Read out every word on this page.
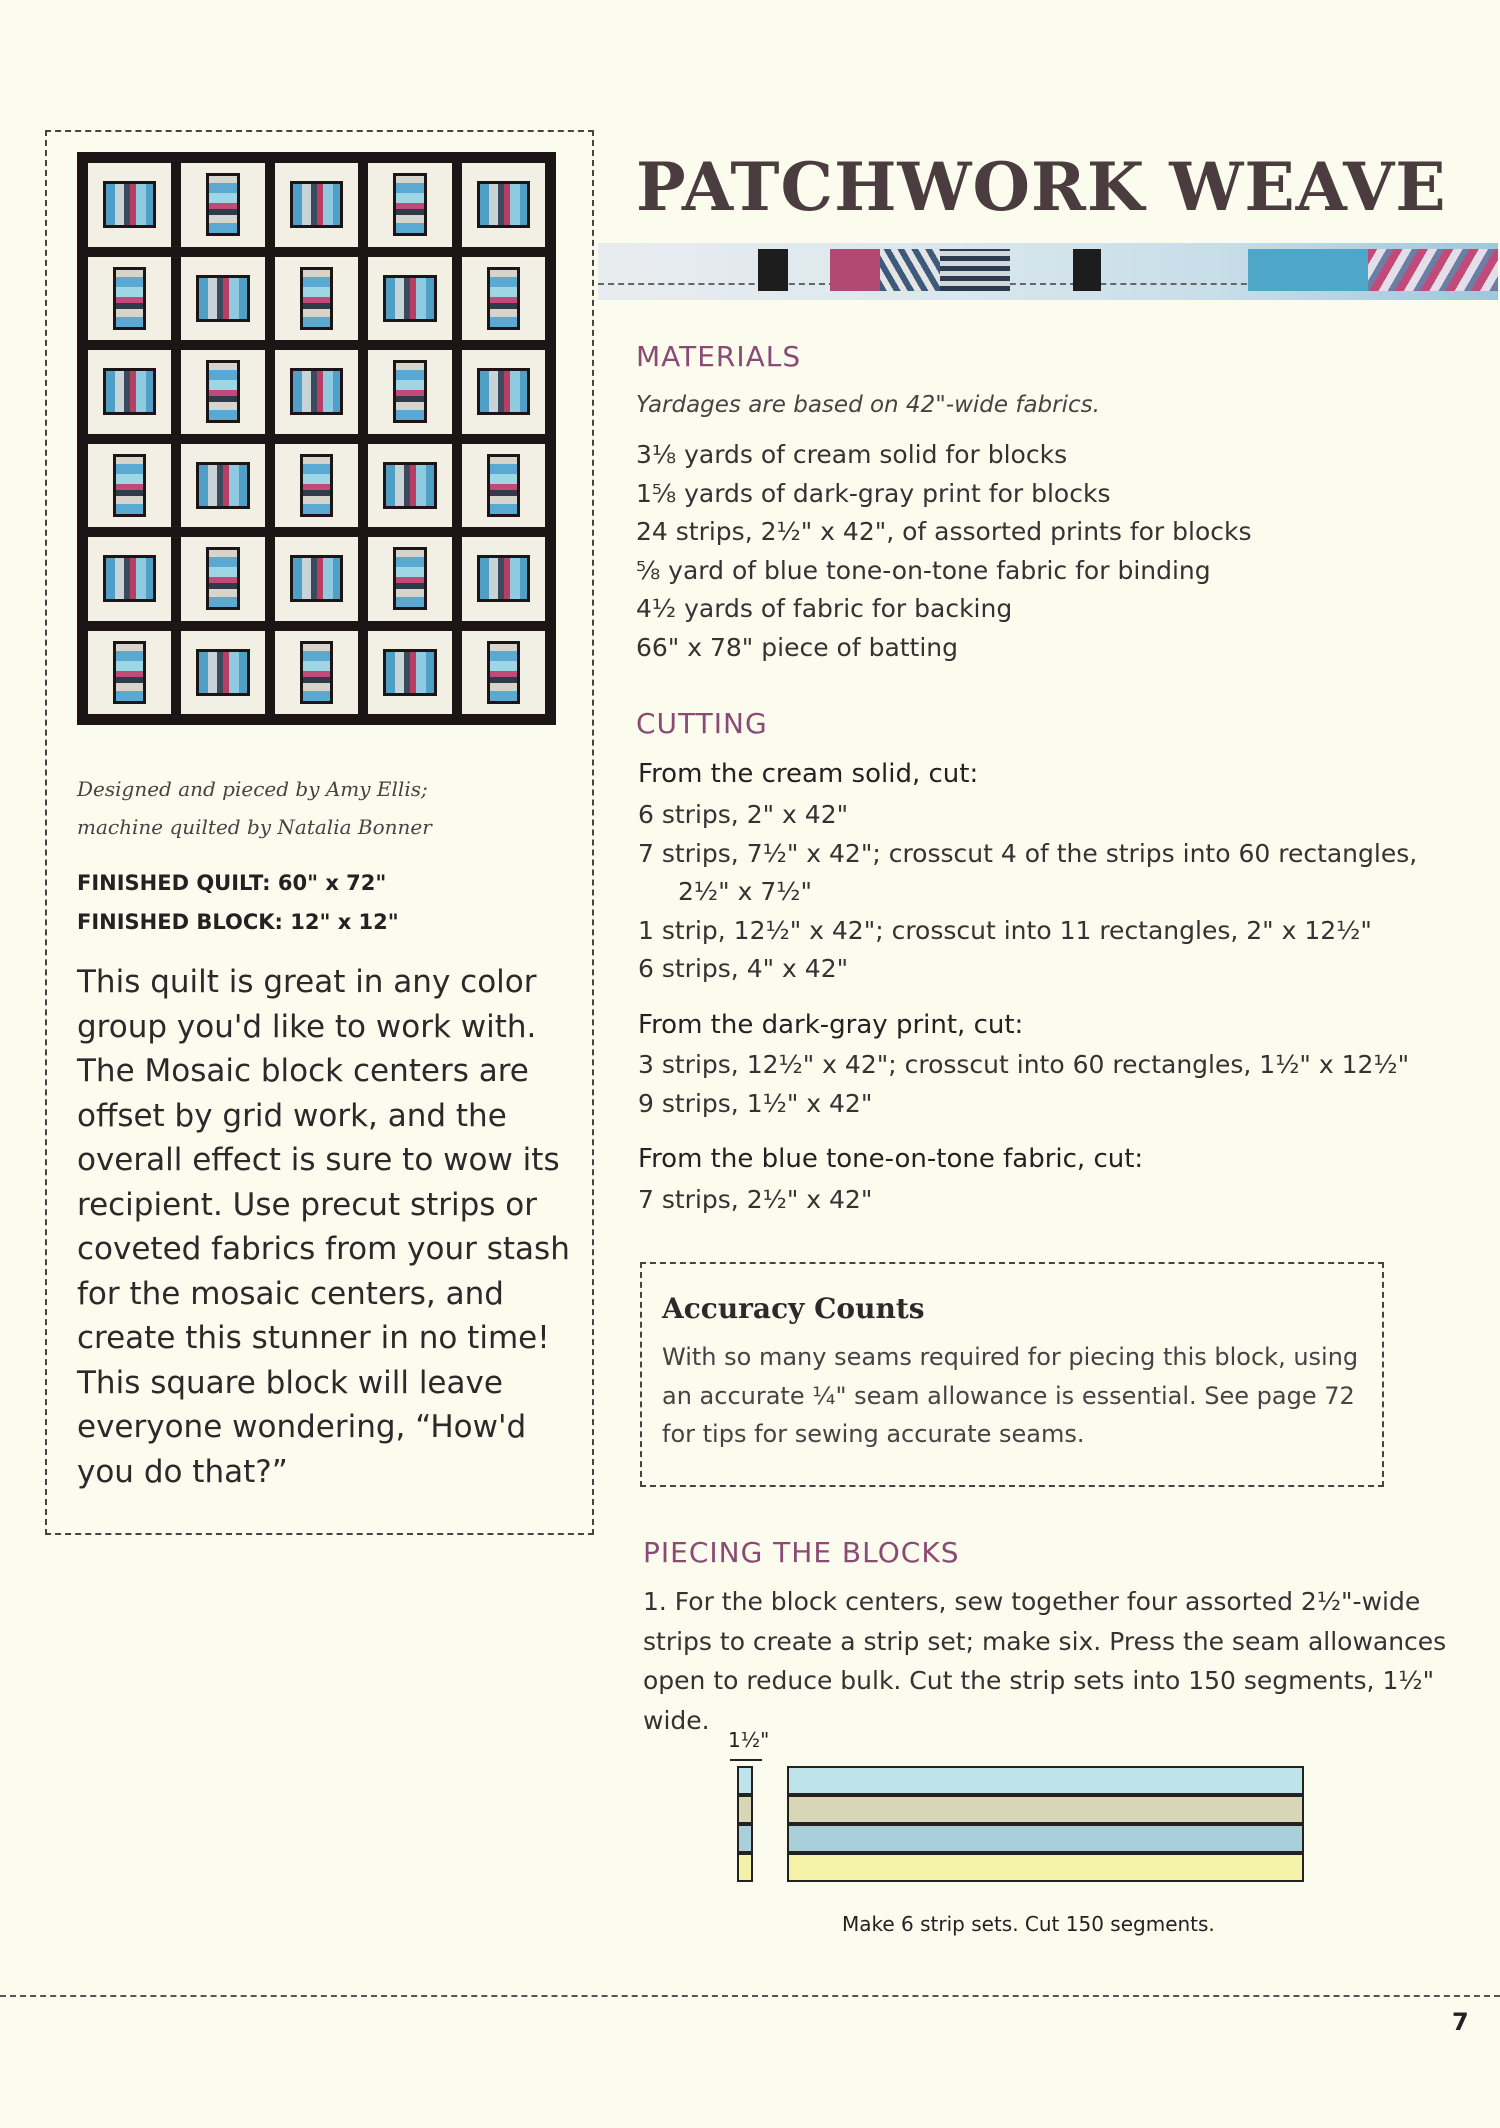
Designed and pieced by Amy Ellis;
machine quilted by Natalia Bonner
FINISHED QUILT: 60" x 72"
FINISHED BLOCK: 12" x 12"
This quilt is great in any color
group you'd like to work with.
The Mosaic block centers are
offset by grid work, and the
overall effect is sure to wow its
recipient. Use precut strips or
coveted fabrics from your stash
for the mosaic centers, and
create this stunner in no time!
This square block will leave
everyone wondering, “How'd
you do that?”
PATCHWORK WEAVE
MATERIALS
Yardages are based on 42"-wide fabrics.
3⅛ yards of cream solid for blocks
1⅝ yards of dark-gray print for blocks
24 strips, 2½" x 42", of assorted prints for blocks
⅝ yard of blue tone-on-tone fabric for binding
4½ yards of fabric for backing
66" x 78" piece of batting
CUTTING
From the cream solid, cut:
6 strips, 2" x 42"
7 strips, 7½" x 42"; crosscut 4 of the strips into 60 rectangles,
2½" x 7½"
1 strip, 12½" x 42"; crosscut into 11 rectangles, 2" x 12½"
6 strips, 4" x 42"
From the dark-gray print, cut:
3 strips, 12½" x 42"; crosscut into 60 rectangles, 1½" x 12½"
9 strips, 1½" x 42"
From the blue tone-on-tone fabric, cut:
7 strips, 2½" x 42"
Accuracy Counts
With so many seams required for piecing this block, using
an accurate ¼" seam allowance is essential. See page 72
for tips for sewing accurate seams.
PIECING THE BLOCKS
1. For the block centers, sew together four assorted 2½"-wide
strips to create a strip set; make six. Press the seam allowances
open to reduce bulk. Cut the strip sets into 150 segments, 1½" wide.
1½"
Make 6 strip sets. Cut 150 segments.
7
